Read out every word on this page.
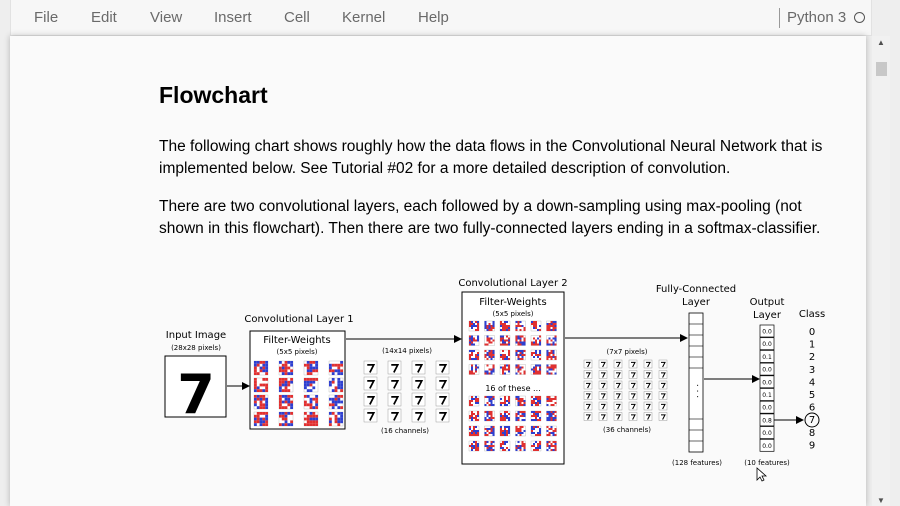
File Edit View Insert Cell Kernel Help	Python 3
Flowchart

The following chart shows roughly how the data flows in the Convolutional Neural Network that is implemented below. See Tutorial #02 for a more detailed description of convolution.

There are two convolutional layers, each followed by a down-sampling using max-pooling (not shown in this flowchart). Then there are two fully-connected layers ending in a softmax-classifier.

Input Image
(28x28 pixels)
7
Convolutional Layer 1
Filter-Weights
(5x5 pixels)	(14x14 pixels)
(16 channels)
Convolutional Layer 2
Filter-Weights
(5x5 pixels)
16 of these ...
(7x7 pixels)
(36 channels)
Fully-Connected
Layer
. . .
(128 features)
Output
Layer
0.0
0.0
0.1
0.0
0.0
0.1
0.0
0.8
0.0
0.0
(10 features)
Class
0
1
2
3
4
5
6
7
8
9
▲
▼
